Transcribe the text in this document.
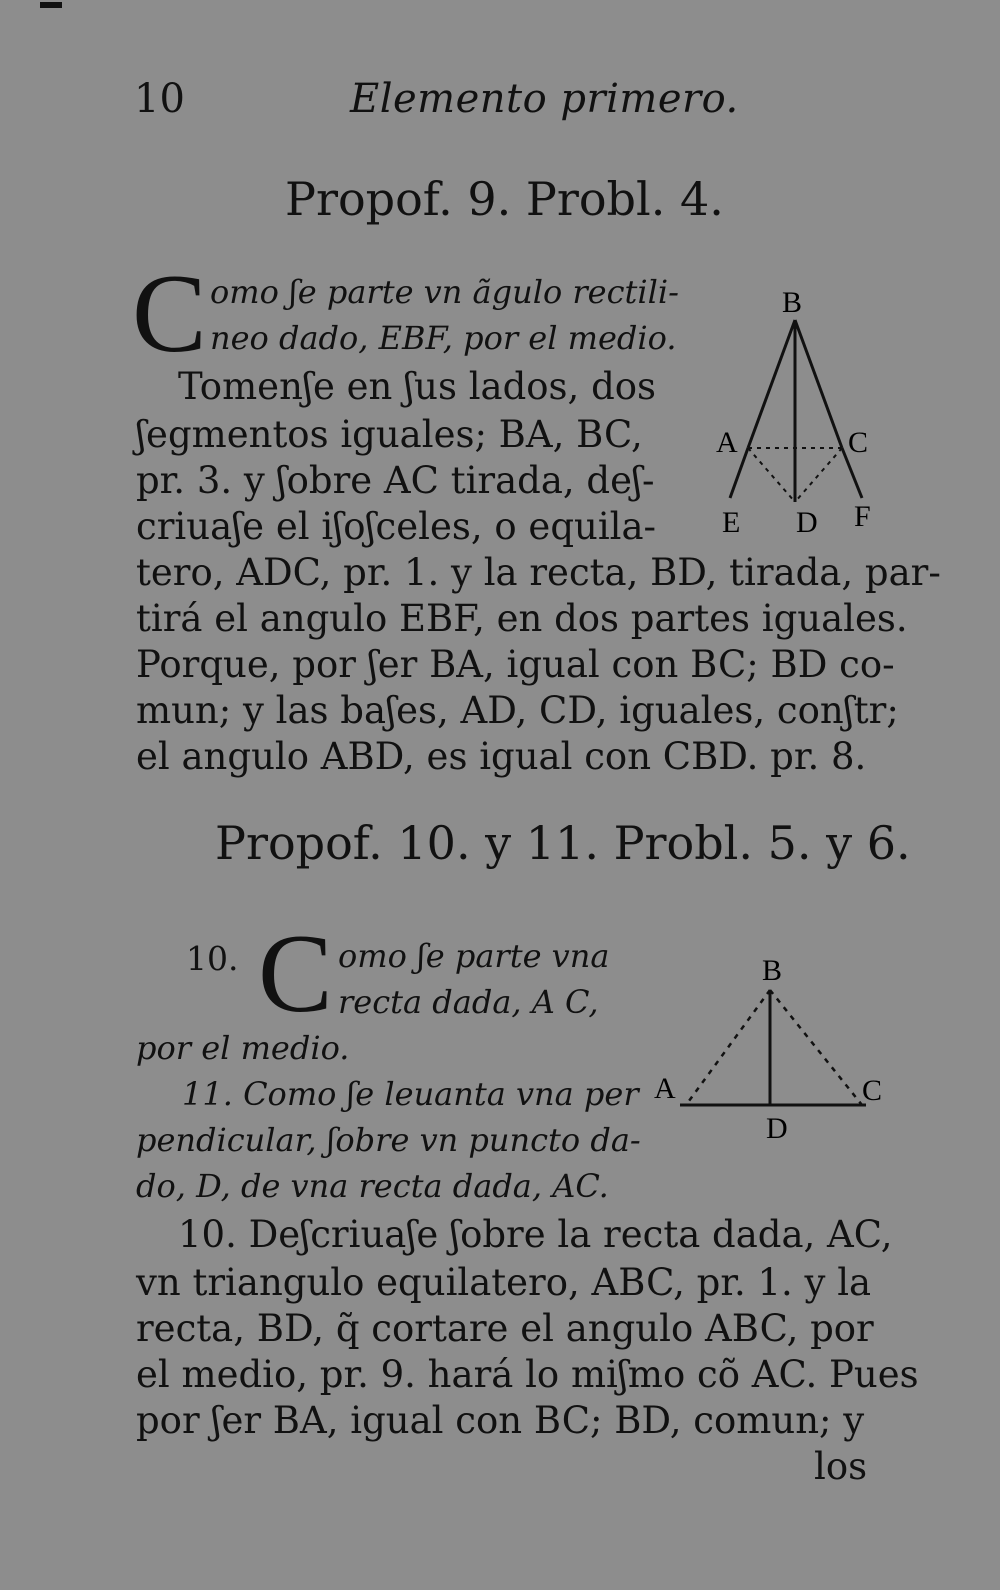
10	Elemento primero.
Propof. 9. Probl. 4.
C omo ʃe parte vn ãgulo rectili-
neo dado, EBF, por el medio.
Tomenʃe en ʃus lados, dos
ʃegmentos iguales; BA, BC,
pr. 3. y ʃobre AC tirada, deʃ-
criuaʃe el iʃoʃceles, o equila-
tero, ADC, pr. 1. y la recta, BD, tirada, par-
tirá el angulo EBF, en dos partes iguales.
Porque, por ʃer BA, igual con BC; BD co-
mun; y las baʃes, AD, CD, iguales, conʃtr;
el angulo ABD, es igual con CBD. pr. 8.
B
A	C
E D F
Propof. 10. y 11. Probl. 5. y 6.
10. C omo ʃe parte vna
recta dada, A C,
por el medio.
11. Como ʃe leuanta vna per
pendicular, ʃobre vn puncto da-
do, D, de vna recta dada, AC.
10. Deʃcriuaʃe ʃobre la recta dada, AC,
vn triangulo equilatero, ABC, pr. 1. y la
recta, BD, q̃ cortare el angulo ABC, por
el medio, pr. 9. hará lo miʃmo cõ AC. Pues
por ʃer BA, igual con BC; BD, comun; y
los
B
A	C
D
